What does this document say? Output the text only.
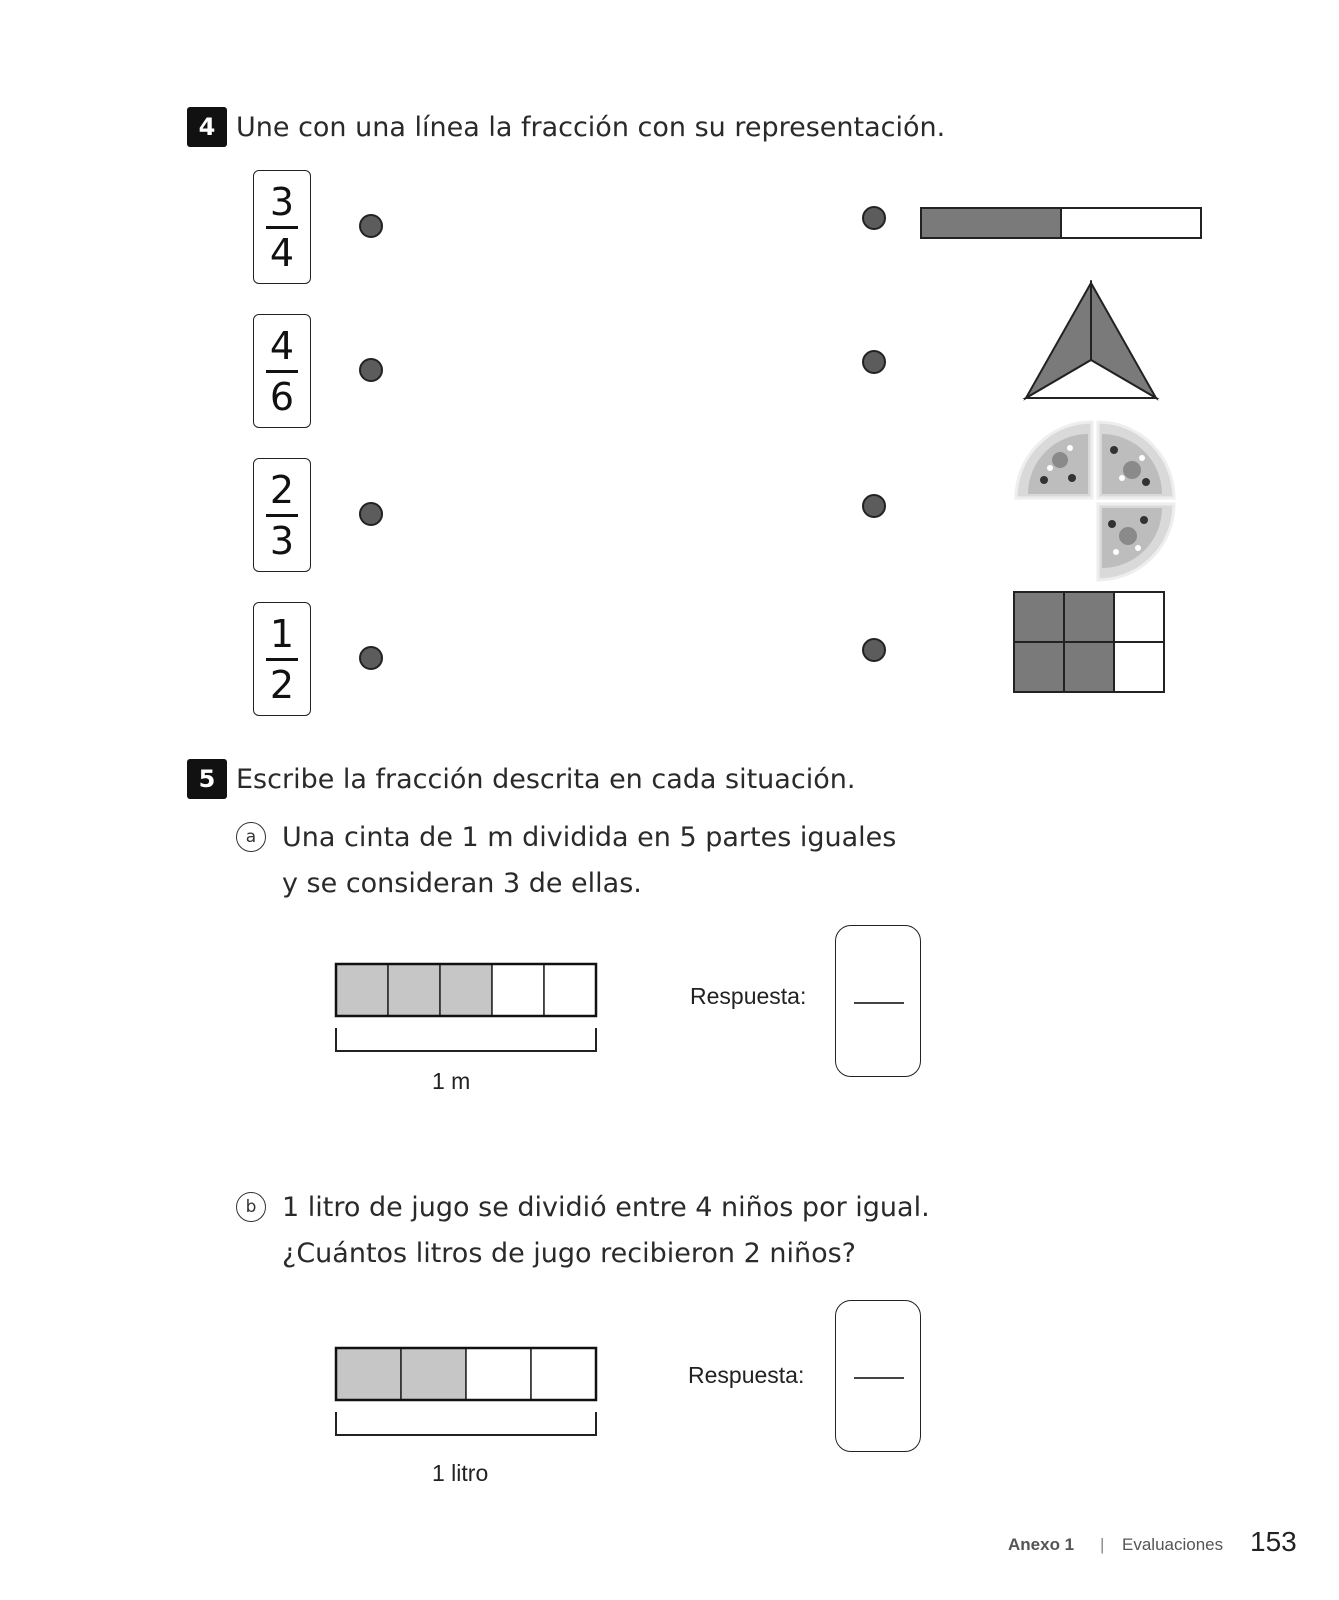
4 Une con una línea la fracción con su representación.
3
4
4
6
2
3
1
2
5 Escribe la fracción descrita en cada situación.
a Una cinta de 1 m dividida en 5 partes iguales
y se consideran 3 de ellas.
1 m
Respuesta:
b 1 litro de jugo se dividió entre 4 niños por igual.
¿Cuántos litros de jugo recibieron 2 niños?
1 litro
Respuesta:
Anexo 1 | Evaluaciones 153
